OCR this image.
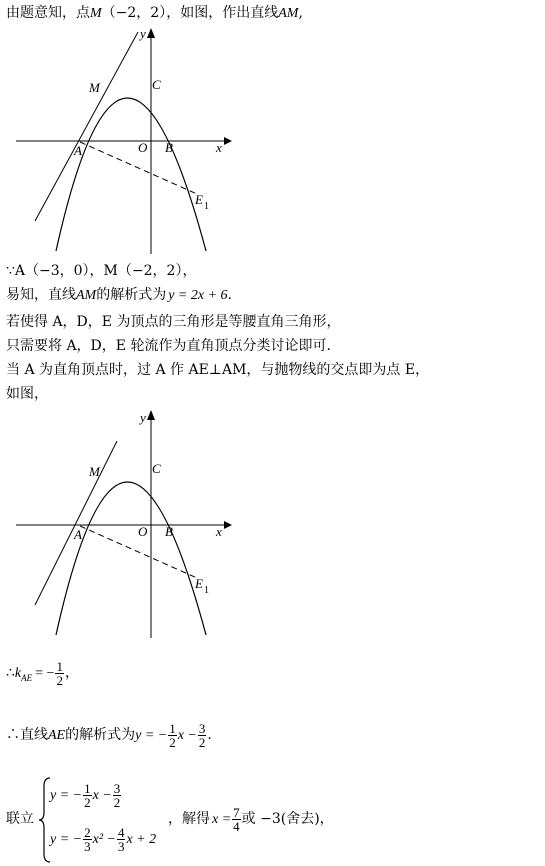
由题意知，点M（−2，2），如图，作出直线AM,
y
x
M	C
A	O B
E 1
∵A（−3，0），M（−2，2），
易知，直线AM的解析式为 y = 2x + 6.
若使得 A，D，E 为顶点的三角形是等腰直角三角形，
只需要将 A，D，E 轮流作为直角顶点分类讨论即可.
当 A 为直角顶点时，过 A 作 AE⊥AM，与抛物线的交点即为点 E，
如图，
y
x
M	C
A	O B
E 1
$\therefore k_{AE}$ = − $\frac{1}{2}$ ，
∴直线AE的解析式为y = − $\frac{1}{2}$ $x - \frac{3}{2}$ .
联立
y = − $\frac{1}{2}$ $x - \frac{3}{2}$
y = − $\frac{2}{3} x^2 - \frac{4}{3}$ x + 2
，解得 $x = \frac{7}{4}$ 或 −3(舍去)，
